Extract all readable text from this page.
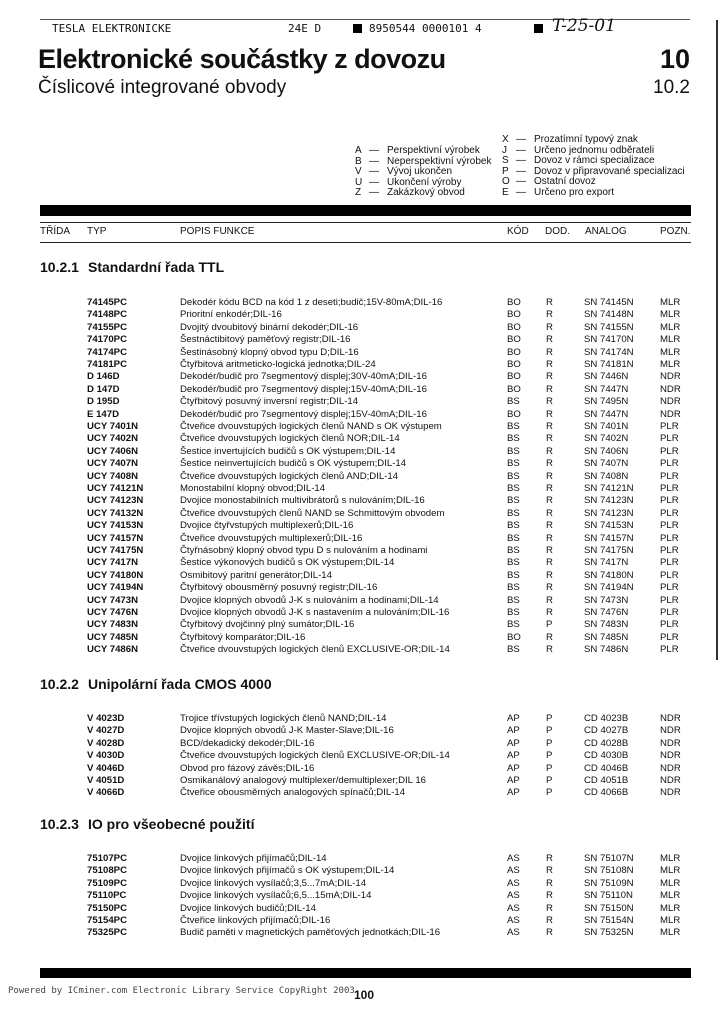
TESLA ELEKTRONICKE	24E D	8950544 0000101 4	T-25-01
Elektronické součástky z dovozu
Číslicové integrované obvody
10
10.2
A — Perspektivní výrobek
B — Neperspektivní výrobek
V — Vývoj ukončen
U — Ukončení výroby
Z — Zakázkový obvod
X — Prozatímní typový znak
J — Určeno jednomu odběrateli
S — Dovoz v rámci specializace
P — Dovoz v připravované specializaci
O — Ostatní dovoz
E — Určeno pro export
TŘÍDA TYP	POPIS FUNKCE	KÓD DOD. ANALOG	POZN.
10.2.1 Standardní řada TTL
74145PC	Dekodér kódu BCD na kód 1 z deseti;budič;15V-80mA;DIL-16	BO	R	SN 74145N	MLR
74148PC	Prioritní enkodér;DIL-16	BO	R	SN 74148N	MLR
74155PC	Dvojitý dvoubitový binární dekodér;DIL-16	BO	R	SN 74155N	MLR
74170PC	Šestnáctibitový paměťový registr;DIL-16	BO	R	SN 74170N	MLR
74174PC	Šestinásobný klopný obvod typu D;DIL-16	BO	R	SN 74174N	MLR
74181PC	Čtyřbitová aritmeticko-logická jednotka;DIL-24	BO	R	SN 74181N	MLR
D 146D	Dekodér/budič pro 7segmentový displej;30V-40mA;DIL-16	BO	R	SN 7446N	NDR
D 147D	Dekodér/budič pro 7segmentový displej;15V-40mA;DIL-16	BO	R	SN 7447N	NDR
D 195D	Čtyřbitový posuvný inversní registr;DIL-14	BS	R	SN 7495N	NDR
E 147D	Dekodér/budič pro 7segmentový displej;15V-40mA;DIL-16	BO	R	SN 7447N	NDR
UCY 7401N	Čtveřice dvouvstupých logických členů NAND s OK výstupem	BS	R	SN 7401N	PLR
UCY 7402N	Čtveřice dvouvstupých logických členů NOR;DIL-14	BS	R	SN 7402N	PLR
UCY 7406N	Šestice invertujících budičů s OK výstupem;DIL-14	BS	R	SN 7406N	PLR
UCY 7407N	Šestice neinvertujících budičů s OK výstupem;DIL-14	BS	R	SN 7407N	PLR
UCY 7408N	Čtveřice dvouvstupých logických členů AND;DIL-14	BS	R	SN 7408N	PLR
UCY 74121N	Monostabilní klopný obvod;DIL-14	BS	R	SN 74121N	PLR
UCY 74123N	Dvojice monostabilních multivibrátorů s nulováním;DIL-16	BS	R	SN 74123N	PLR
UCY 74132N	Čtveřice dvouvstupých členů NAND se Schmittovým obvodem	BS	R	SN 74123N	PLR
UCY 74153N	Dvojice čtyřvstupých multiplexerů;DIL-16	BS	R	SN 74153N	PLR
UCY 74157N	Čtveřice dvouvstupých multiplexerů;DIL-16	BS	R	SN 74157N	PLR
UCY 74175N	Čtyřnásobný klopný obvod typu D s nulováním a hodinami	BS	R	SN 74175N	PLR
UCY 7417N	Šestice výkonových budičů s OK výstupem;DIL-14	BS	R	SN 7417N	PLR
UCY 74180N	Osmibitový paritní generátor;DIL-14	BS	R	SN 74180N	PLR
UCY 74194N	Čtyřbitový obousměrný posuvný registr;DIL-16	BS	R	SN 74194N	PLR
UCY 7473N	Dvojice klopných obvodů J-K s nulováním a hodinami;DIL-14	BS	R	SN 7473N	PLR
UCY 7476N	Dvojice klopných obvodů J-K s nastavením a nulováním;DIL-16	BS	R	SN 7476N	PLR
UCY 7483N	Čtyřbitový dvojčinný plný sumátor;DIL-16	BS	P	SN 7483N	PLR
UCY 7485N	Čtyřbitový komparátor;DIL-16	BO	R	SN 7485N	PLR
UCY 7486N	Čtveřice dvouvstupých logických členů EXCLUSIVE-OR;DIL-14	BS	R	SN 7486N	PLR
10.2.2 Unipolární řada CMOS 4000
V 4023D	Trojice třívstupých logických členů NAND;DIL-14	AP	P	CD 4023B	NDR
V 4027D	Dvojice klopných obvodů J-K Master-Slave;DIL-16	AP	P	CD 4027B	NDR
V 4028D	BCD/dekadický dekodér;DIL-16	AP	P	CD 4028B	NDR
V 4030D	Čtveřice dvouvstupých logických členů EXCLUSIVE-OR;DIL-14	AP	P	CD 4030B	NDR
V 4046D	Obvod pro fázový závěs;DIL-16	AP	P	CD 4046B	NDR
V 4051D	Osmikanálový analogový multiplexer/demultiplexer;DIL 16	AP	P	CD 4051B	NDR
V 4066D	Čtveřice obousměrných analogových spínačů;DIL-14	AP	P	CD 4066B	NDR
10.2.3 IO pro všeobecné použití
75107PC	Dvojice linkových přijímačů;DIL-14	AS	R	SN 75107N	MLR
75108PC	Dvojice linkových přijímačů s OK výstupem;DIL-14	AS	R	SN 75108N	MLR
75109PC	Dvojice linkových vysílačů;3,5...7mA;DIL-14	AS	R	SN 75109N	MLR
75110PC	Dvojice linkových vysílačů;6,5...15mA;DIL-14	AS	R	SN 75110N	MLR
75150PC	Dvojice linkových budičů;DIL-14	AS	R	SN 75150N	MLR
75154PC	Čtveřice linkových přijímačů;DIL-16	AS	R	SN 75154N	MLR
75325PC	Budič paměti v magnetických paměťových jednotkách;DIL-16	AS	R	SN 75325N	MLR
Powered by ICminer.com Electronic Library Service CopyRight 2003 100
